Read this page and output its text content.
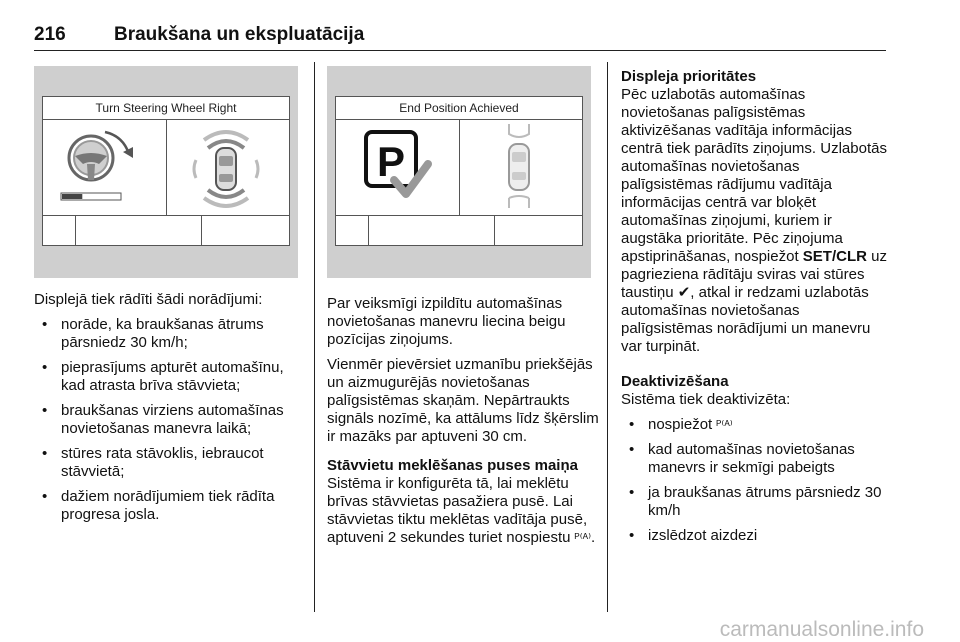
216	Braukšana un ekspluatācija
Turn Steering Wheel Right	End Position Achieved
P

Displejā tiek rādīti šādi norādījumi:

• norāde, ka braukšanas ātrums pārsniedz 30 km/h;
• pieprasījums apturēt automašīnu, kad atrasta brīva stāvvieta;
• braukšanas virziens automašīnas novietošanas manevra laikā;
• stūres rata stāvoklis, iebraucot stāvvietā;
• dažiem norādījumiem tiek rādīta progresa josla.

Par veiksmīgi izpildītu automašīnas novietošanas manevru liecina beigu pozīcijas ziņojums.

Vienmēr pievērsiet uzmanību priekšējās un aizmugurējās novietošanas palīgsistēmas skaņām. Nepārtraukts signāls nozīmē, ka attālums līdz šķērslim ir mazāks par aptuveni 30 cm.

Stāvvietu meklēšanas puses maiņa

Sistēma ir konfigurēta tā, lai meklētu brīvas stāvvietas pasažiera pusē. Lai stāvvietas tiktu meklētas vadītāja pusē, aptuveni 2 sekundes turiet nospiestu ᴾ⁽ᴬ⁾.

Displeja prioritātes

Pēc uzlabotās automašīnas novietošanas palīgsistēmas aktivizēšanas vadītāja informācijas centrā tiek parādīts ziņojums. Uzlabotās automašīnas novietošanas palīgsistēmas rādījumu vadītāja informācijas centrā var bloķēt automašīnas ziņojumi, kuriem ir augstāka prioritāte. Pēc ziņojuma apstiprināšanas, nospiežot SET/CLR uz pagrieziena rādītāju sviras vai stūres taustiņu ✔, atkal ir redzami uzlabotās automašīnas novietošanas palīgsistēmas norādījumi un manevru var turpināt.

Deaktivizēšana

Sistēma tiek deaktivizēta:

• nospiežot ᴾ⁽ᴬ⁾
• kad automašīnas novietošanas manevrs ir sekmīgi pabeigts
• ja braukšanas ātrums pārsniedz 30 km/h
• izslēdzot aizdezi
carmanualsonline.info
